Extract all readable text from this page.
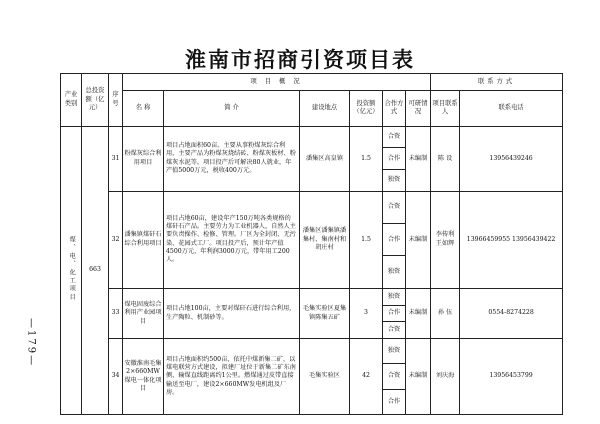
淮南市招商引资项目表
—179—
产业类别	总投资额（亿元）	序号	项 目 概 况						联系方式	
			名 称	简 介	建设地点	投资额（亿元）	合作方式	可研情况	项目联系人	联系电话
煤、电、化工项目	663	31	粉煤灰综合利用项目	项目占地面积60亩。主要从事粉煤灰综合利用，主要产品为粉煤灰烧结砖、粉煤灰板材、粉煤灰水泥等。项目投产后可解决80人就业，年产值5000万元，税收400万元。	潘集区高皇镇	1.5	合资	未编制	陈 设	13956439246
							合作			
							独资			
		32	潘集镇煤矸石综合利用项目	项目占地60亩，建设年产150万吨各类规格的煤矸石产品。主要劳力为工业机器人，自然人主要负责操作、检修、管理。厂区为全封闭、无污染、花园式工厂。项目投产后，预计年产值4500万元，年利润3000万元，带年用工200人。	潘集区潘集镇潘集村、集南村和胡庄村	1.5	合资	未编制	李传利 王如辉	13966459955 13956439422
							合作			
							独资			
		33	煤电固废综合利用产业园项目	项目占地100亩，主要对煤矸石进行综合利用，生产陶粒、机制砂等。	毛集实验区夏集镇陈集五矿	3	独资	未编制	孙 伍	0554-8274228
							合作			
							合资			
		34	安徽淮南毛集2×660MW煤电一体化项目	项目占地面积约500亩，依托中煤新集二矿，以煤电联营方式建设，拟建厂址位于新集二矿东南侧，输煤直线距离约1公里。燃煤通过皮带直接输送至电厂，建设2×660MW发电机组及厂房。	毛集实验区	42	独资	未编制	刘庆海	13956453799
							合资			
							合作			
